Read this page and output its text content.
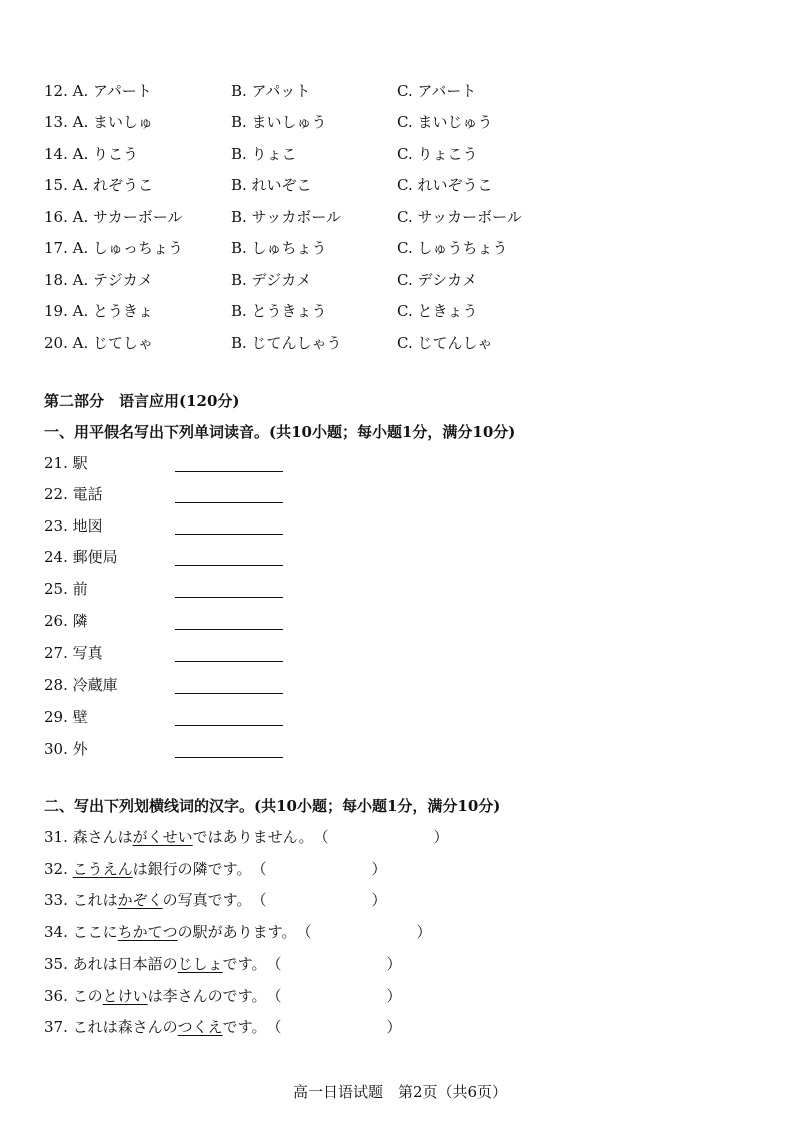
12. A. アパート	B. アパット	C. アバート
13. A. まいしゅ	B. まいしゅう	C. まいじゅう
14. A. りこう	B. りょこ	C. りょこう
15. A. れぞうこ	B. れいぞこ	C. れいぞうこ
16. A. サカーボール	B. サッカボール	C. サッカーボール
17. A. しゅっちょう	B. しゅちょう	C. しゅうちょう
18. A. テジカメ	B. デジカメ	C. デシカメ
19. A. とうきょ	B. とうきょう	C. ときょう
20. A. じてしゃ	B. じてんしゃう	C. じてんしゃ
第二部分　语言应用(120分)
一、用平假名写出下列单词读音。(共10小题；每小题1分，满分10分)
21. 駅
22. 電話
23. 地図
24. 郵便局
25. 前
26. 隣
27. 写真
28. 冷蔵庫
29. 壁
30. 外
二、写出下列划横线词的汉字。(共10小题；每小题1分，满分10分)
31. 森さんはがくせいではありません。（　　　　　　　）
32. こうえんは銀行の隣です。（　　　　　　　）
33. これはかぞくの写真です。（　　　　　　　）
34. ここにちかてつの駅があります。（　　　　　　　）
35. あれは日本語のじしょです。（　　　　　　　）
36. このとけいは李さんのです。（　　　　　　　）
37. これは森さんのつくえです。（　　　　　　　）
高一日语试题　第2页（共6页）
